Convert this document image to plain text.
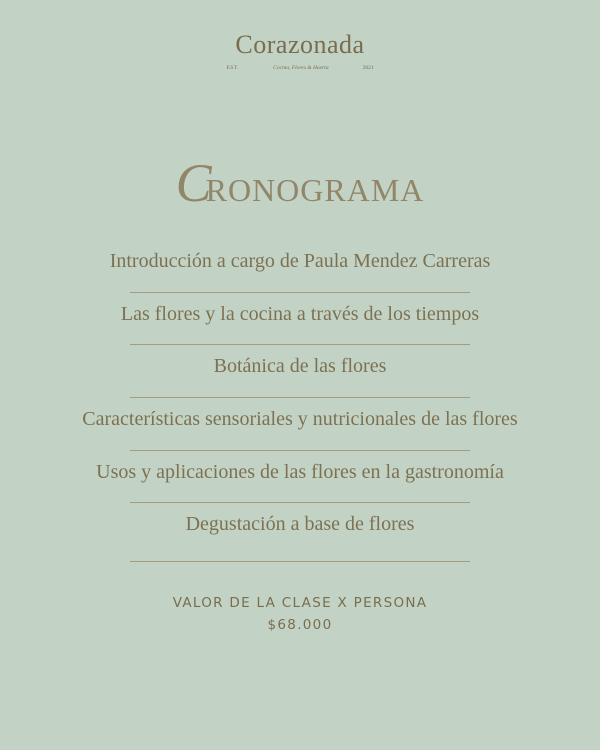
Corazonada
EST.	Cocina, Flores & Huerta	2021
CRONOGRAMA
Introducción a cargo de Paula Mendez Carreras
Las flores y la cocina a través de los tiempos
Botánica de las flores
Características sensoriales y nutricionales de las flores
Usos y aplicaciones de las flores en la gastronomía
Degustación a base de flores
VALOR DE LA CLASE X PERSONA
$68.000
